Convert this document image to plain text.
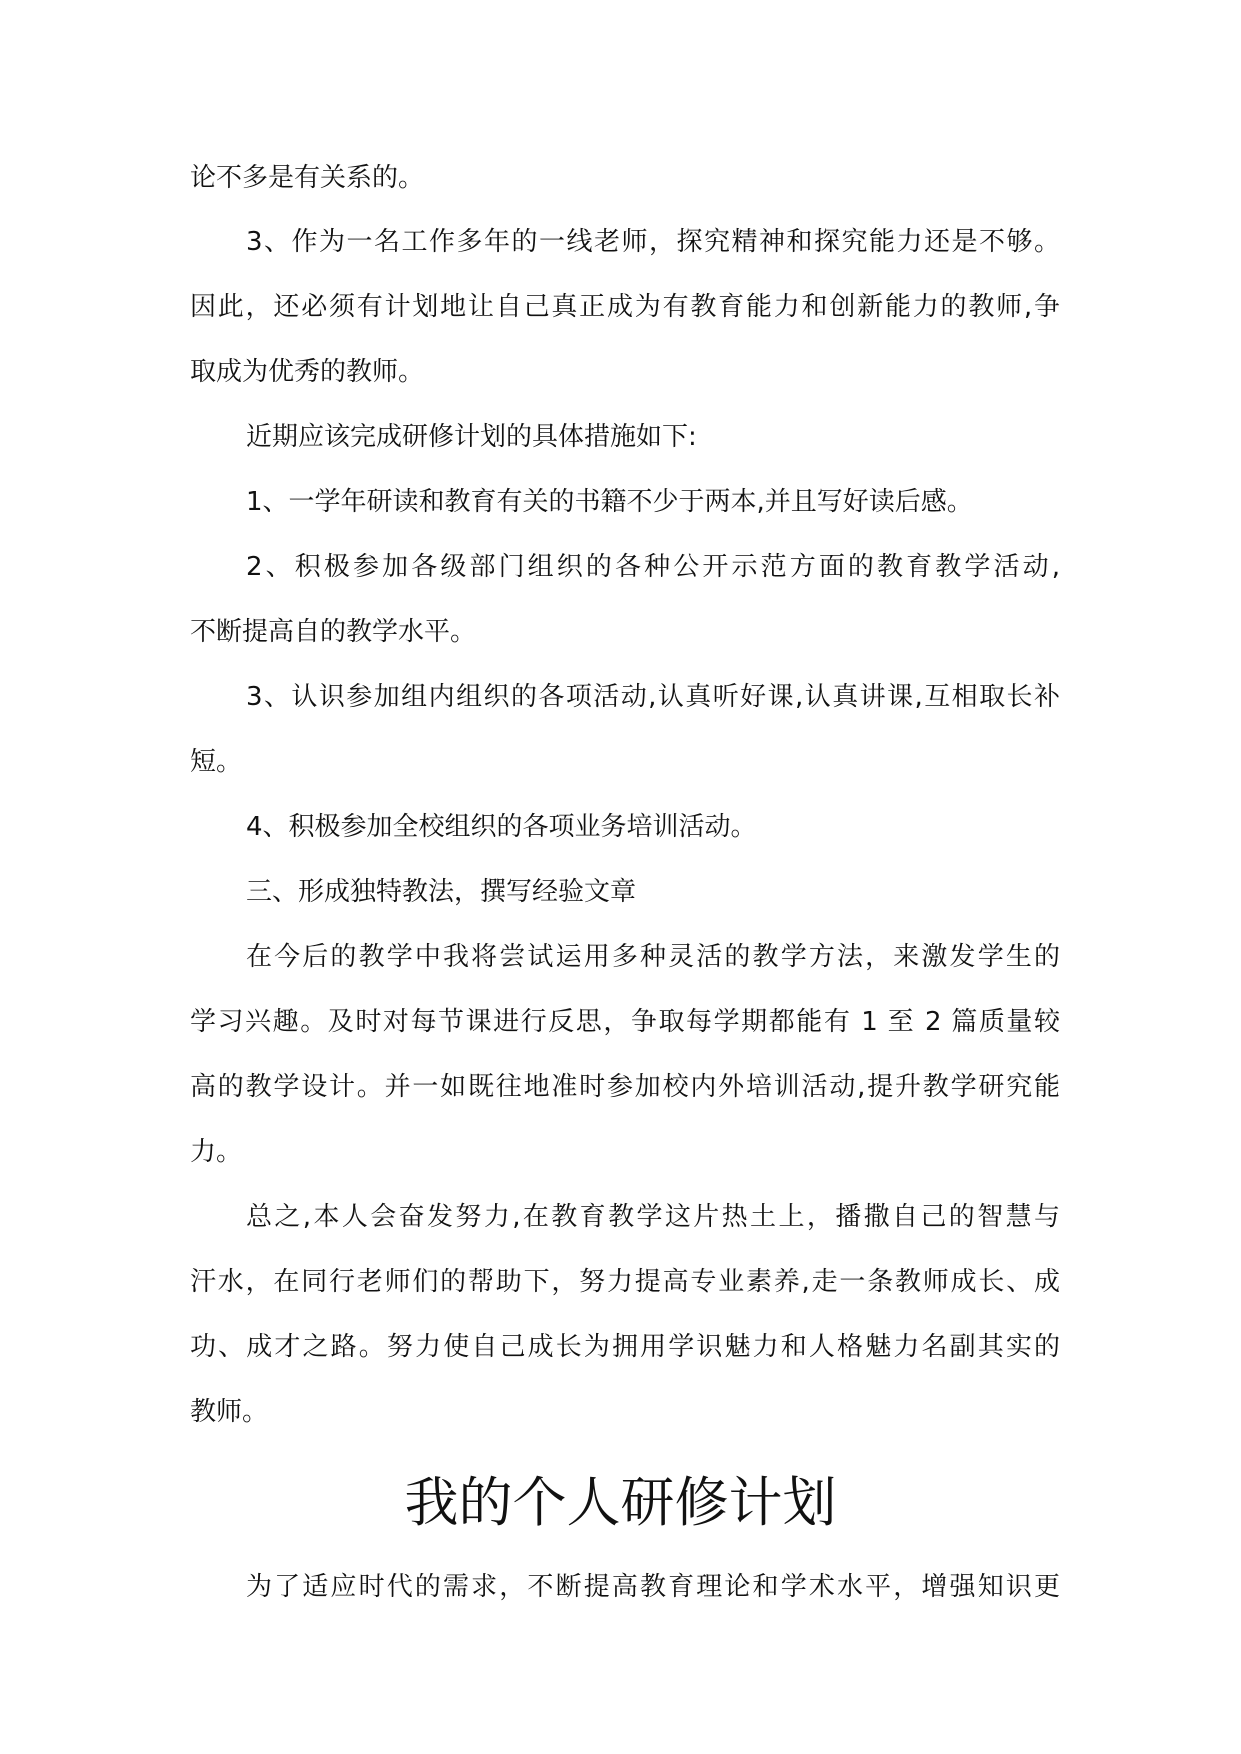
论不多是有关系的。
3、作为一名工作多年的一线老师，探究精神和探究能力还是不够。
因此，还必须有计划地让自己真正成为有教育能力和创新能力的教师,争
取成为优秀的教师。
近期应该完成研修计划的具体措施如下:
1、一学年研读和教育有关的书籍不少于两本,并且写好读后感。
2、积极参加各级部门组织的各种公开示范方面的教育教学活动,
不断提高自的教学水平。
3、认识参加组内组织的各项活动,认真听好课,认真讲课,互相取长补
短。
4、积极参加全校组织的各项业务培训活动。
三、形成独特教法，撰写经验文章
在今后的教学中我将尝试运用多种灵活的教学方法，来激发学生的
学习兴趣。及时对每节课进行反思，争取每学期都能有 1 至 2 篇质量较
高的教学设计。并一如既往地准时参加校内外培训活动,提升教学研究能
力。
总之,本人会奋发努力,在教育教学这片热土上，播撒自己的智慧与
汗水，在同行老师们的帮助下，努力提高专业素养,走一条教师成长、成
功、成才之路。努力使自己成长为拥用学识魅力和人格魅力名副其实的
教师。
我的个人研修计划
为了适应时代的需求，不断提高教育理论和学术水平，增强知识更
